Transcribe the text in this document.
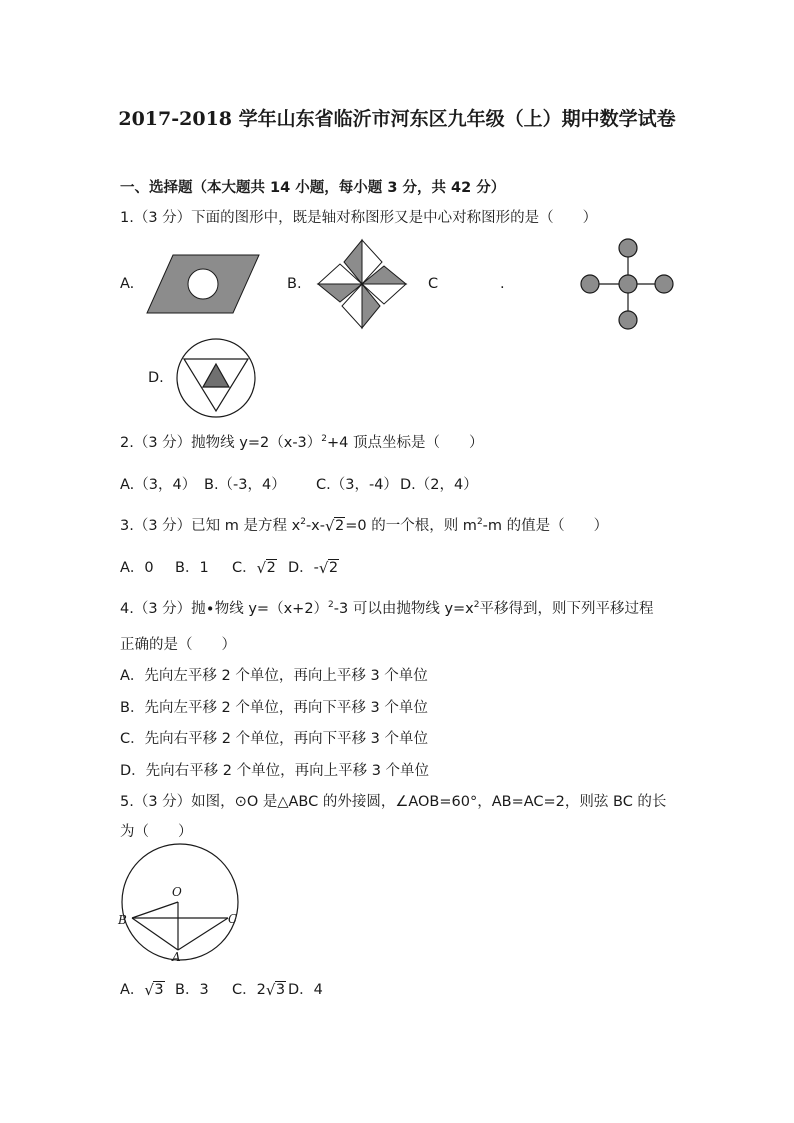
2017-2018 学年山东省临沂市河东区九年级（上）期中数学试卷
一、选择题（本大题共 14 小题，每小题 3 分，共 42 分）
1.（3 分）下面的图形中，既是轴对称图形又是中心对称图形的是（　　）
A.	B.	C	.
D.
2.（3 分）抛物线 $y=2(x-3)^2+4$ 顶点坐标是（　　）
A.（3，4） B.（-3，4） C.（3，-4） D.（2，4）
3.（3 分）已知 m 是方程 $x^2-x-√$ 2=0 的一个根，则 $m^2-m$ 的值是（　　）
A．0 B．1 C．√ 2 D．-√ 2
4.（3 分）抛∙物线 $y=(x+2)^2-3$ 可以由抛物线 $y=x^2$平移得到，则下列平移过程
正确的是（　　）
A．先向左平移 2 个单位，再向上平移 3 个单位
B．先向左平移 2 个单位，再向下平移 3 个单位
C．先向右平移 2 个单位，再向下平移 3 个单位
D．先向右平移 2 个单位，再向上平移 3 个单位
5.（3 分）如图，⊙O 是△ABC 的外接圆，∠AOB=60°，AB=AC=2，则弦 BC 的长
为（　　）
O
B	C
A
A．√ 3 B．3 C．2√ 3 D．4
